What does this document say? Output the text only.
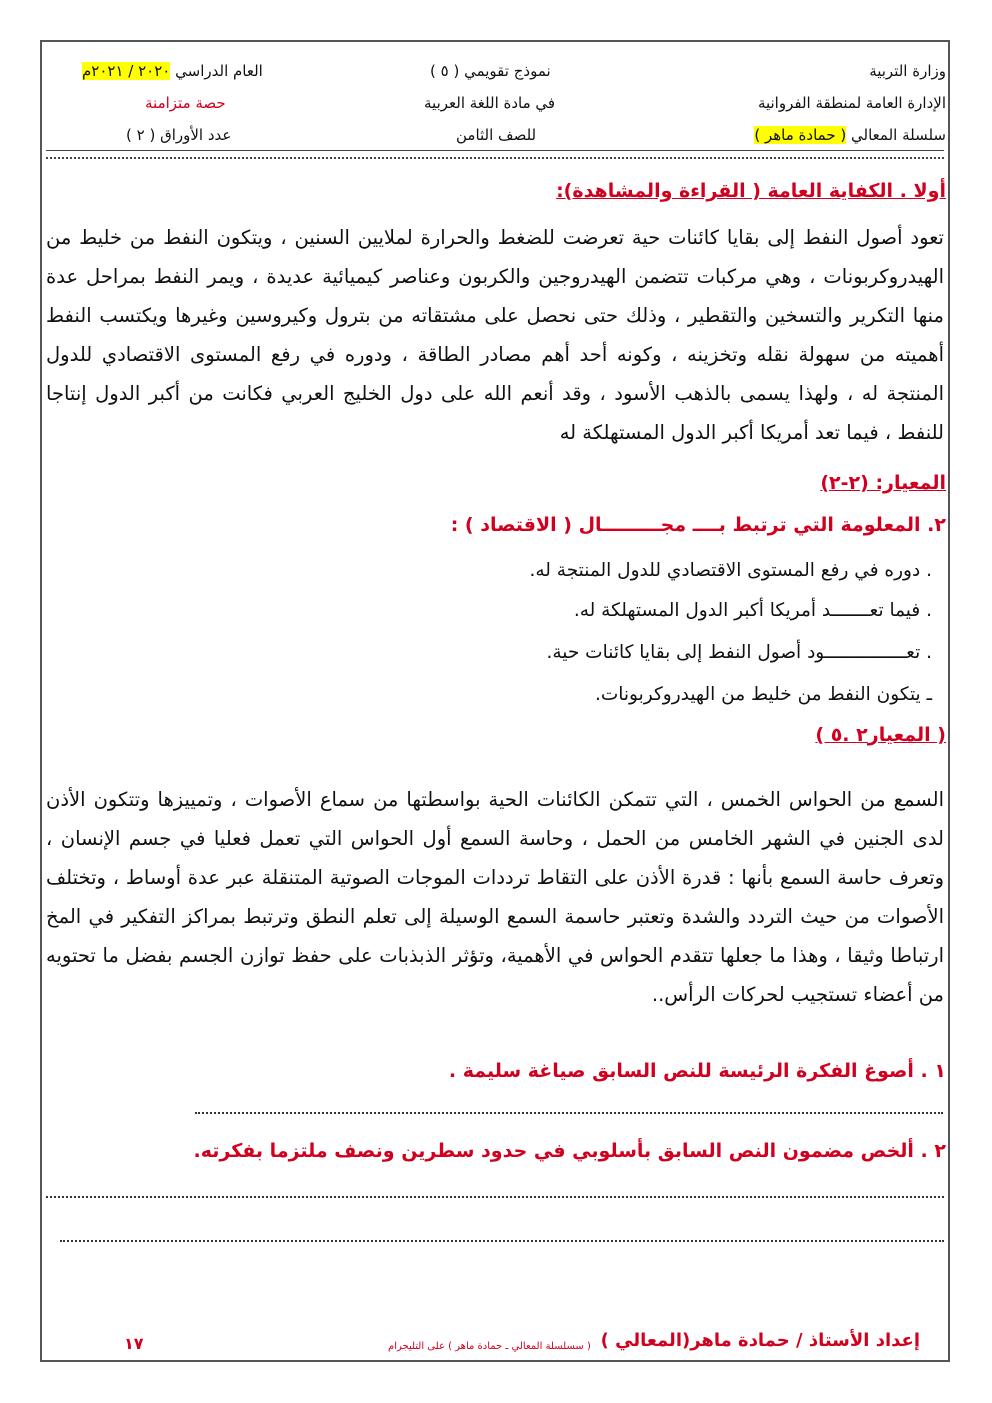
وزارة التربية
الإدارة العامة لمنطقة الفروانية
سلسلة المعالي ( حمادة ماهر )
نموذج تقويمي ( ٥ )
في مادة اللغة العربية
للصف الثامن
العام الدراسي ٢٠٢٠ / ٢٠٢١م
حصة متزامنة
عدد الأوراق ( ٢ )
أولا . الكفاية العامة ( القراءة والمشاهدة):
تعود أصول النفط إلى بقايا كائنات حية تعرضت للضغط والحرارة لملايين السنين ، ويتكون النفط من خليط من الهيدروكربونات ، وهي مركبات تتضمن الهيدروجين والكربون وعناصر كيميائية عديدة ، ويمر النفط بمراحل عدة منها التكرير والتسخين والتقطير ، وذلك حتى نحصل على مشتقاته من بترول وكيروسين وغيرها ويكتسب النفط أهميته من سهولة نقله وتخزينه ، وكونه أحد أهم مصادر الطاقة ، ودوره في رفع المستوى الاقتصادي للدول المنتجة له ، ولهذا يسمى بالذهب الأسود ، وقد أنعم الله على دول الخليج العربي فكانت من أكبر الدول إنتاجا للنفط ، فيما تعد أمريكا أكبر الدول المستهلكة له
المعيار: (٢-٢)
٢. المعلومة التي ترتبط بــــ مجـــــــــال ( الاقتصاد ) :
. دوره في رفع المستوى الاقتصادي للدول المنتجة له.
. فيما تعـــــــد أمريكا أكبر الدول المستهلكة له.
. تعـــــــــــــــود أصول النفط إلى بقايا كائنات حية.
ـ يتكون النفط من خليط من الهيدروكربونات.
( المعيار٢ .٥ )
السمع من الحواس الخمس ، التي تتمكن الكائنات الحية بواسطتها من سماع الأصوات ، وتمييزها وتتكون الأذن لدى الجنين في الشهر الخامس من الحمل ، وحاسة السمع أول الحواس التي تعمل فعليا في جسم الإنسان ، وتعرف حاسة السمع بأنها : قدرة الأذن على التقاط ترددات الموجات الصوتية المتنقلة عبر عدة أوساط ، وتختلف الأصوات من حيث التردد والشدة وتعتبر حاسمة السمع الوسيلة إلى تعلم النطق وترتبط بمراكز التفكير في المخ ارتباطا وثيقا ، وهذا ما جعلها تتقدم الحواس في الأهمية، وتؤثر الذبذبات على حفظ توازن الجسم بفضل ما تحتويه من أعضاء تستجيب لحركات الرأس..
١ . أصوغ الفكرة الرئيسة للنص السابق صياغة سليمة .
٢ . ألخص مضمون النص السابق بأسلوبي في حدود سطرين ونصف ملتزما بفكرته.
إعداد الأستاذ / حمادة ماهر(المعالي )
( سسلسلة المعالي ـ حمادة ماهر ) على التليجرام
١٧
